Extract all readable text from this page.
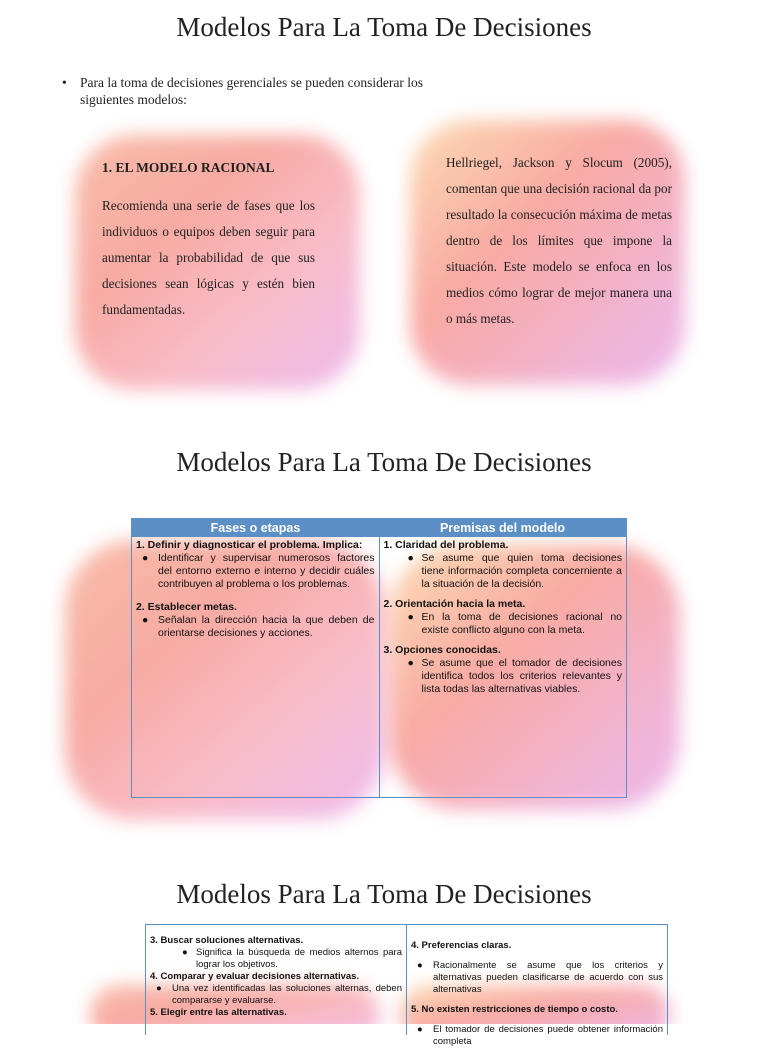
Modelos Para La Toma De Decisiones
• Para la toma de decisiones gerenciales se pueden considerar los siguientes modelos:
1. EL MODELO RACIONAL
Recomienda una serie de fases que los individuos o equipos deben seguir para aumentar la probabilidad de que sus decisiones sean lógicas y estén bien fundamentadas.
Hellriegel, Jackson y Slocum (2005), comentan que una decisión racional da por resultado la consecución máxima de metas dentro de los límites que impone la situación. Este modelo se enfoca en los medios cómo lograr de mejor manera una o más metas.
Modelos Para La Toma De Decisiones
Fases o etapas	Premisas del modelo
1. Definir y diagnosticar el problema. Implica:
● Identificar y supervisar numerosos factores del entorno externo e interno y decidir cuáles contribuyen al problema o los problemas.
2. Establecer metas.
● Señalan la dirección hacia la que deben de orientarse decisiones y acciones.
1. Claridad del problema.
● Se asume que quien toma decisiones tiene información completa concerniente a la situación de la decisión.
2. Orientación hacia la meta.
● En la toma de decisiones racional no existe conflicto alguno con la meta.
3. Opciones conocidas.
● Se asume que el tomador de decisiones identifica todos los criterios relevantes y lista todas las alternativas viables.
Modelos Para La Toma De Decisiones
3. Buscar soluciones alternativas.
● Significa la búsqueda de medios alternos para lograr los objetivos.
4. Comparar y evaluar decisiones alternativas.
● Una vez identificadas las soluciones alternas, deben compararse y evaluarse.
5. Elegir entre las alternativas.
4. Preferencias claras.
● Racionalmente se asume que los criterios y alternativas pueden clasificarse de acuerdo con sus alternativas
5. No existen restricciones de tiempo o costo.
● El tomador de decisiones puede obtener información completa
